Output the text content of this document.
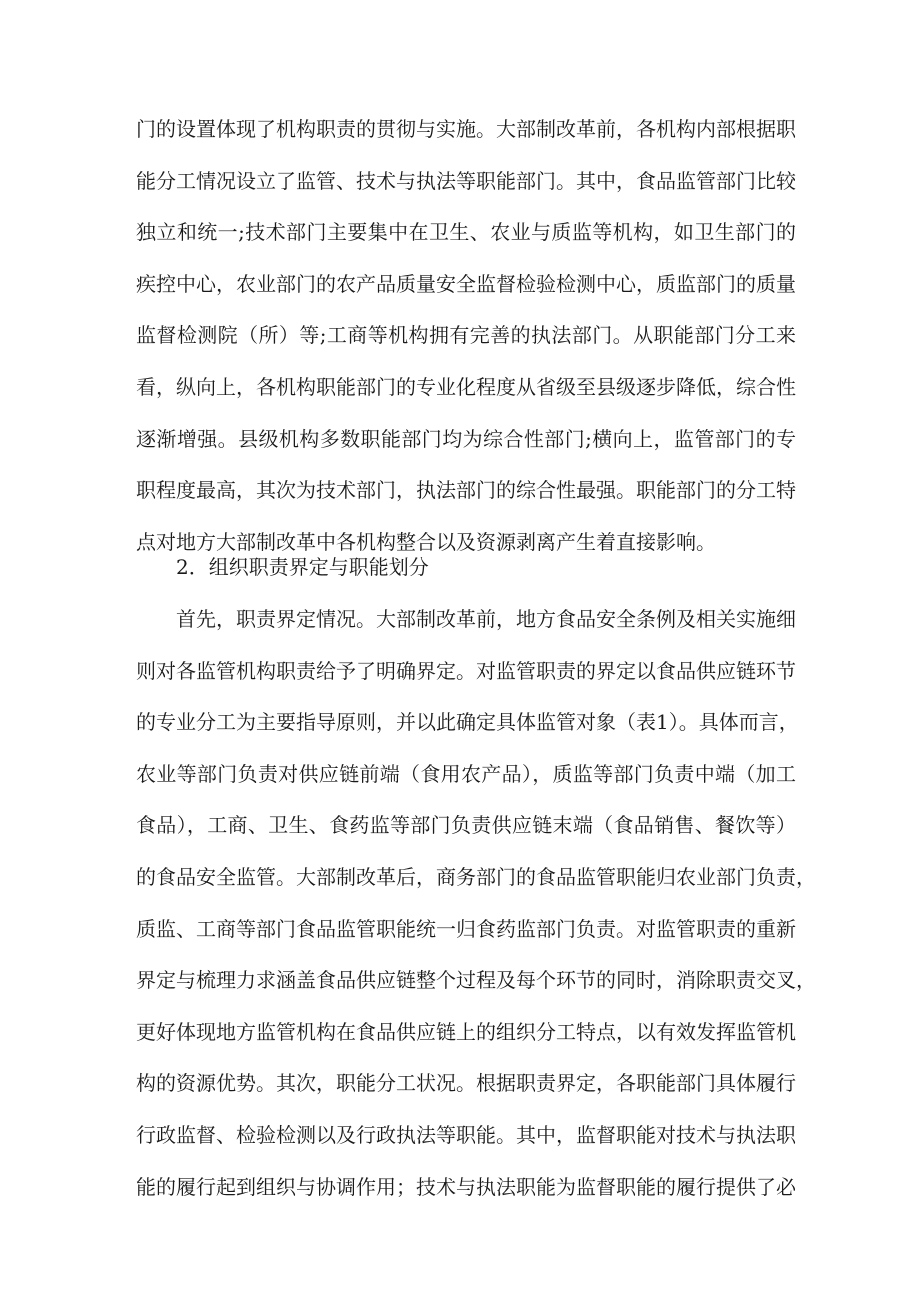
门的设置体现了机构职责的贯彻与实施。大部制改革前，各机构内部根据职
能分工情况设立了监管、技术与执法等职能部门。其中，食品监管部门比较
独立和统一;技术部门主要集中在卫生、农业与质监等机构，如卫生部门的
疾控中心，农业部门的农产品质量安全监督检验检测中心，质监部门的质量
监督检测院（所）等;工商等机构拥有完善的执法部门。从职能部门分工来
看，纵向上，各机构职能部门的专业化程度从省级至县级逐步降低，综合性
逐渐增强。县级机构多数职能部门均为综合性部门;横向上，监管部门的专
职程度最高，其次为技术部门，执法部门的综合性最强。职能部门的分工特
点对地方大部制改革中各机构整合以及资源剥离产生着直接影响。
2．组织职责界定与职能划分
　　首先，职责界定情况。大部制改革前，地方食品安全条例及相关实施细
则对各监管机构职责给予了明确界定。对监管职责的界定以食品供应链环节
的专业分工为主要指导原则，并以此确定具体监管对象（表1）。具体而言，
农业等部门负责对供应链前端（食用农产品），质监等部门负责中端（加工
食品），工商、卫生、食药监等部门负责供应链末端（食品销售、餐饮等）
的食品安全监管。大部制改革后，商务部门的食品监管职能归农业部门负责，
质监、工商等部门食品监管职能统一归食药监部门负责。对监管职责的重新
界定与梳理力求涵盖食品供应链整个过程及每个环节的同时，消除职责交叉，
更好体现地方监管机构在食品供应链上的组织分工特点，以有效发挥监管机
构的资源优势。其次，职能分工状况。根据职责界定，各职能部门具体履行
行政监督、检验检测以及行政执法等职能。其中，监督职能对技术与执法职
能的履行起到组织与协调作用；技术与执法职能为监督职能的履行提供了必
